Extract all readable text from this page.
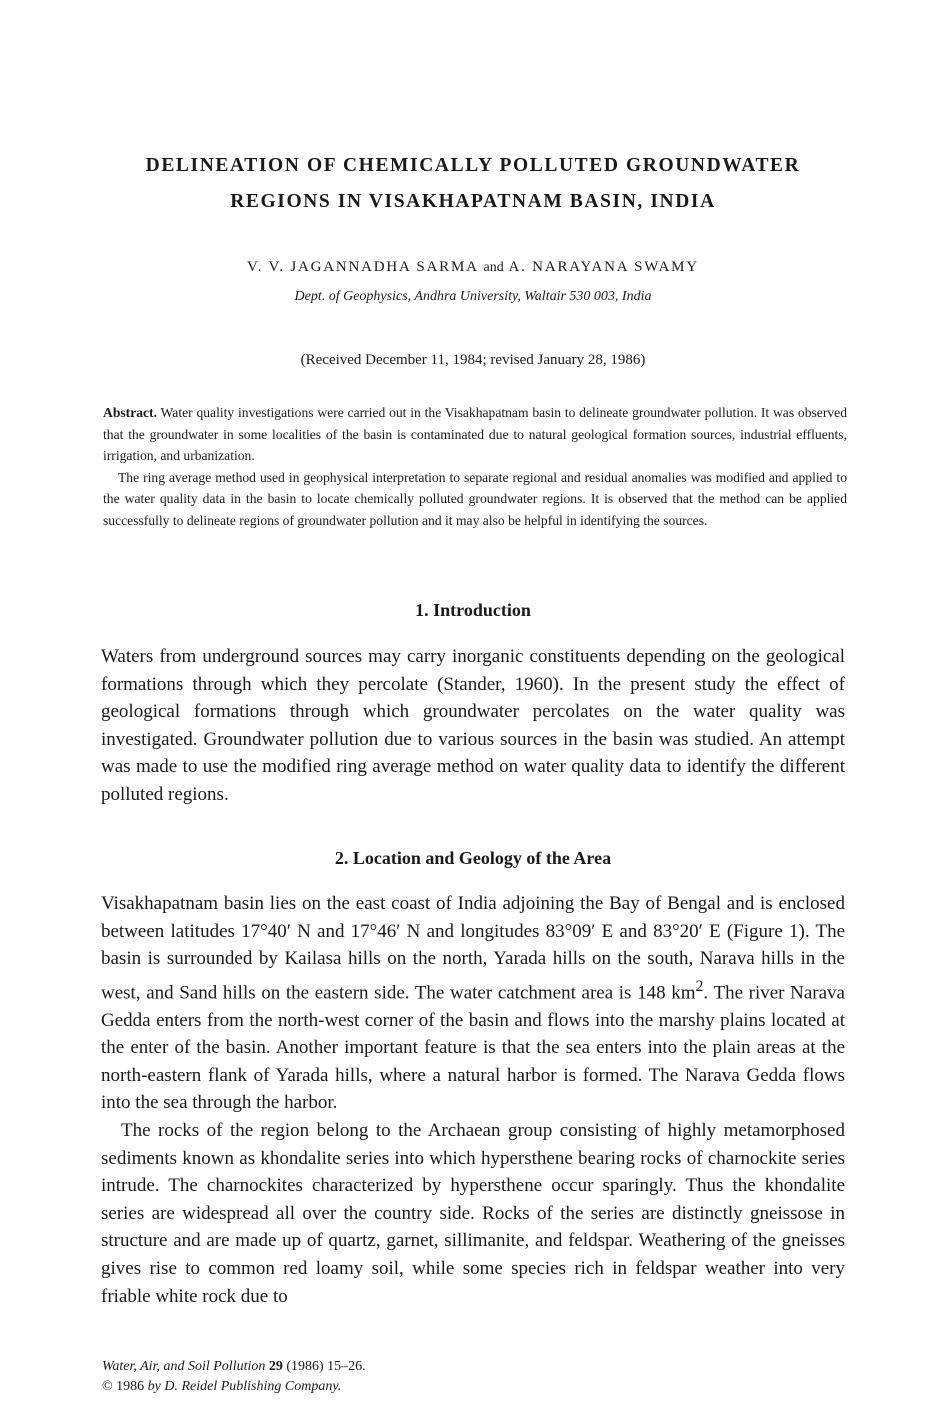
DELINEATION OF CHEMICALLY POLLUTED GROUNDWATER
REGIONS IN VISAKHAPATNAM BASIN, INDIA
V. V. JAGANNADHA SARMA and A. NARAYANA SWAMY
Dept. of Geophysics, Andhra University, Waltair 530 003, India
(Received December 11, 1984; revised January 28, 1986)

Abstract. Water quality investigations were carried out in the Visakhapatnam basin to delineate groundwater pollution. It was observed that the groundwater in some localities of the basin is contaminated due to natural geological formation sources, industrial effluents, irrigation, and urbanization.

The ring average method used in geophysical interpretation to separate regional and residual anomalies was modified and applied to the water quality data in the basin to locate chemically polluted groundwater regions. It is observed that the method can be applied successfully to delineate regions of groundwater pollution and it may also be helpful in identifying the sources.

1. Introduction

Waters from underground sources may carry inorganic constituents depending on the geological formations through which they percolate (Stander, 1960). In the present study the effect of geological formations through which groundwater percolates on the water quality was investigated. Groundwater pollution due to various sources in the basin was studied. An attempt was made to use the modified ring average method on water quality data to identify the different polluted regions.

2. Location and Geology of the Area

Visakhapatnam basin lies on the east coast of India adjoining the Bay of Bengal and is enclosed between latitudes 17°40′ N and 17°46′ N and longitudes 83°09′ E and 83°20′ E (Figure 1). The basin is surrounded by Kailasa hills on the north, Yarada hills on the south, Narava hills in the west, and Sand hills on the eastern side. The water catchment area is 148 $km^2$. The river Narava Gedda enters from the north-west corner of the basin and flows into the marshy plains located at the enter of the basin. Another important feature is that the sea enters into the plain areas at the north-eastern flank of Yarada hills, where a natural harbor is formed. The Narava Gedda flows into the sea through the harbor.

The rocks of the region belong to the Archaean group consisting of highly metamorphosed sediments known as khondalite series into which hypersthene bearing rocks of charnockite series intrude. The charnockites characterized by hypersthene occur sparingly. Thus the khondalite series are widespread all over the country side. Rocks of the series are distinctly gneissose in structure and are made up of quartz, garnet, sillimanite, and feldspar. Weathering of the gneisses gives rise to common red loamy soil, while some species rich in feldspar weather into very friable white rock due to

Water, Air, and Soil Pollution 29 (1986) 15–26.
© 1986 by D. Reidel Publishing Company.
